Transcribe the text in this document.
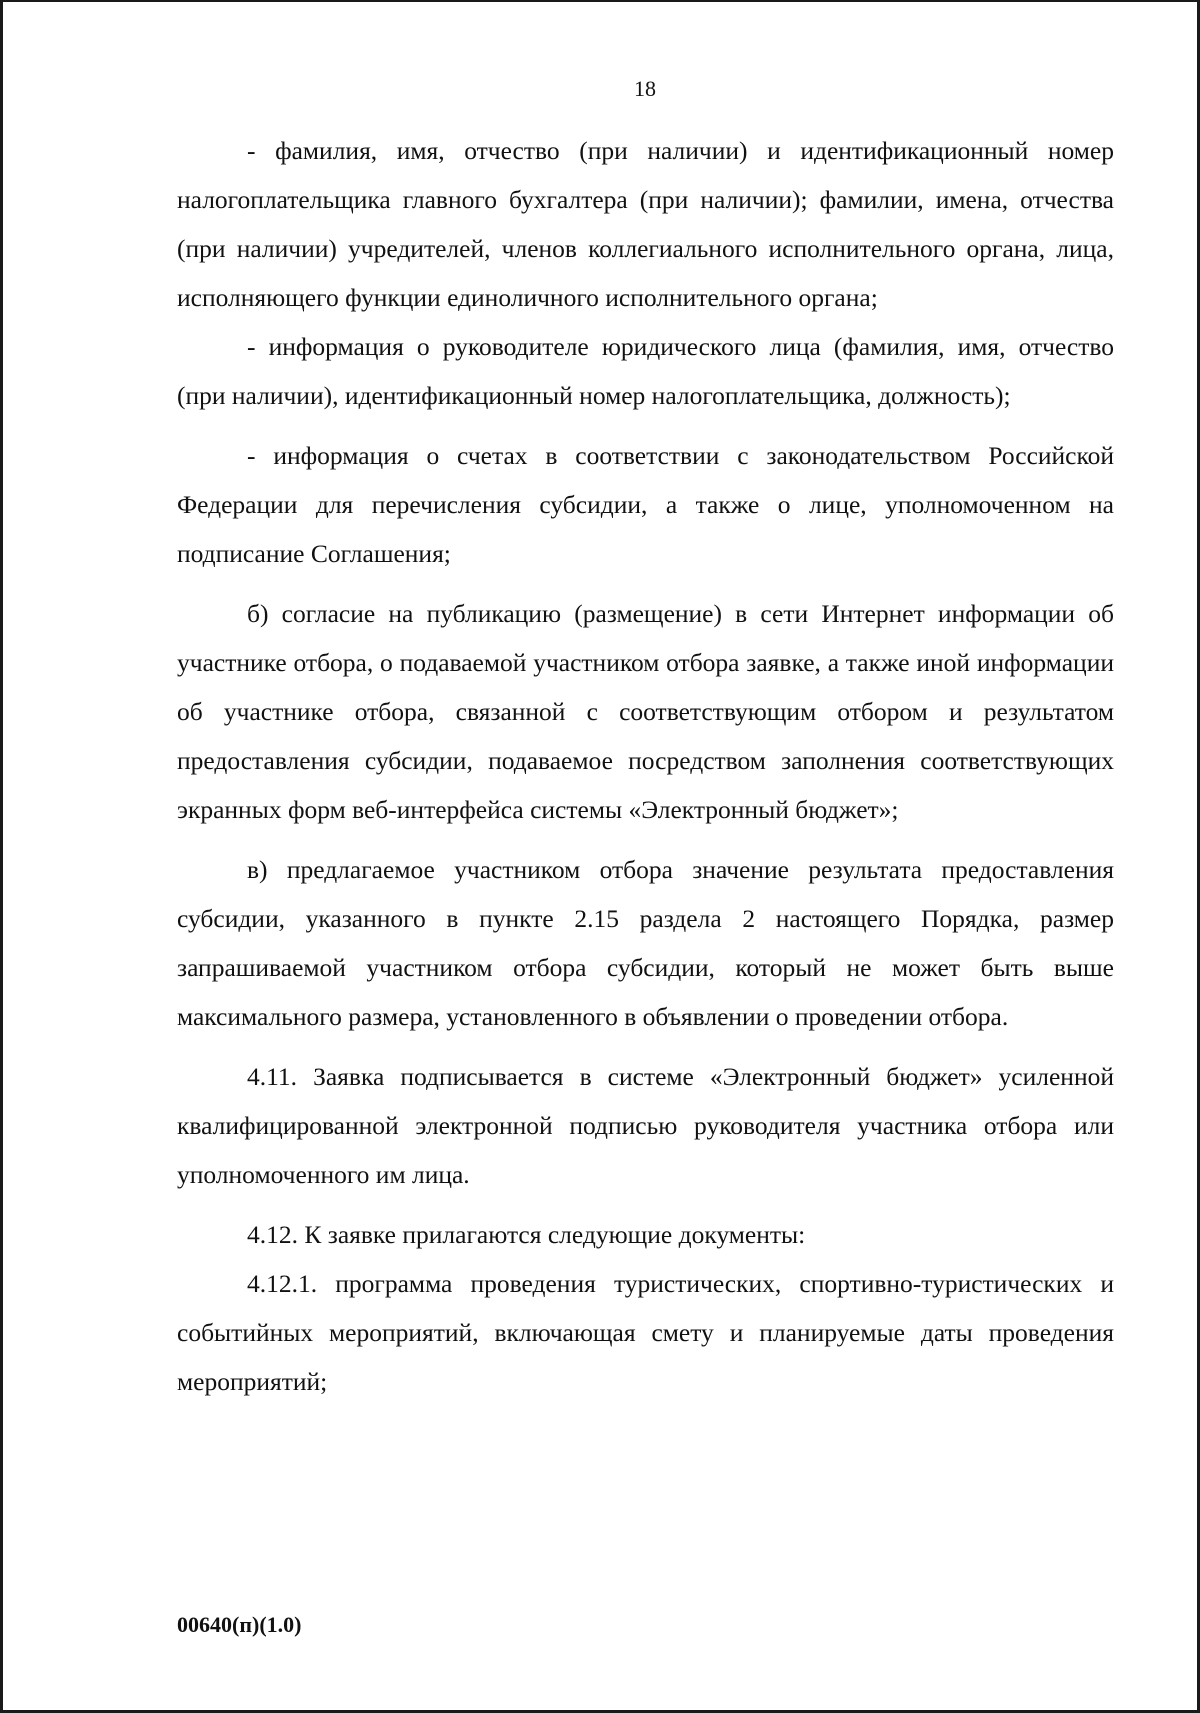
18

- фамилия, имя, отчество (при наличии) и идентификационный номер налогоплательщика главного бухгалтера (при наличии); фамилии, имена, отчества (при наличии) учредителей, членов коллегиального исполнительного органа, лица, исполняющего функции единоличного исполнительного органа;

- информация о руководителе юридического лица (фамилия, имя, отчество (при наличии), идентификационный номер налогоплательщика, должность);

- информация о счетах в соответствии с законодательством Российской Федерации для перечисления субсидии, а также о лице, уполномоченном на подписание Соглашения;

б) согласие на публикацию (размещение) в сети Интернет информации об участнике отбора, о подаваемой участником отбора заявке, а также иной информации об участнике отбора, связанной с соответствующим отбором и результатом предоставления субсидии, подаваемое посредством заполнения соответствующих экранных форм веб-интерфейса системы «Электронный бюджет»;

в) предлагаемое участником отбора значение результата предоставления субсидии, указанного в пункте 2.15 раздела 2 настоящего Порядка, размер запрашиваемой участником отбора субсидии, который не может быть выше максимального размера, установленного в объявлении о проведении отбора.

4.11. Заявка подписывается в системе «Электронный бюджет» усиленной квалифицированной электронной подписью руководителя участника отбора или уполномоченного им лица.

4.12. К заявке прилагаются следующие документы:

4.12.1. программа проведения туристических, спортивно-туристических и событийных мероприятий, включающая смету и планируемые даты проведения мероприятий;

00640(п)(1.0)
